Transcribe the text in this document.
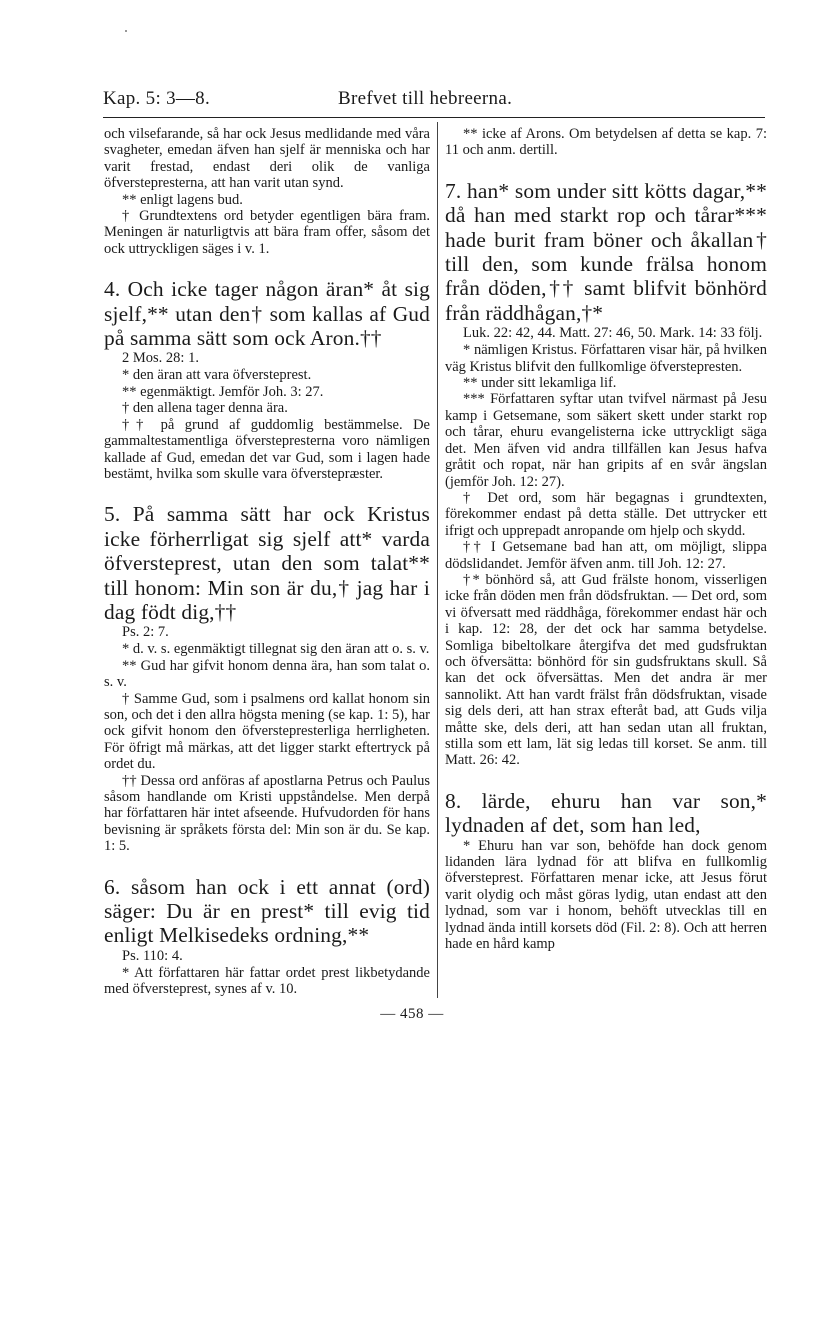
Kap. 5: 3—8.	Brefvet till hebreerna.

och vilsefarande, så har ock Jesus medlidande med våra svagheter, emedan äfven han sjelf är menniska och har varit frestad, endast deri olik de vanliga öfverstepresterna, att han varit utan synd.

** enligt lagens bud.

† Grundtextens ord betyder egentligen bära fram. Meningen är naturligtvis att bära fram offer, såsom det ock uttryckligen säges i v. 1.

4. Och icke tager någon äran* åt sig sjelf,** utan den† som kallas af Gud på samma sätt som ock Aron.††

2 Mos. 28: 1.

* den äran att vara öfversteprest.

** egenmäktigt. Jemför Joh. 3: 27.

† den allena tager denna ära.

†† på grund af guddomlig bestämmelse. De gammaltestamentliga öfverstepresterna voro nämligen kallade af Gud, emedan det var Gud, som i lagen hade bestämt, hvilka som skulle vara öfverstepræster.

5. På samma sätt har ock Kristus icke förherrligat sig sjelf att* varda öfversteprest, utan den som talat** till honom: Min son är du,† jag har i dag födt dig,††

Ps. 2: 7.

* d. v. s. egenmäktigt tillegnat sig den äran att o. s. v.

** Gud har gifvit honom denna ära, han som talat o. s. v.

† Samme Gud, som i psalmens ord kallat honom sin son, och det i den allra högsta mening (se kap. 1: 5), har ock gifvit honom den öfverstepresterliga herrligheten. För öfrigt må märkas, att det ligger starkt eftertryck på ordet du.

†† Dessa ord anföras af apostlarna Petrus och Paulus såsom handlande om Kristi uppståndelse. Men derpå har författaren här intet afseende. Hufvudorden för hans bevisning är språkets första del: Min son är du. Se kap. 1: 5.

6. såsom han ock i ett annat (ord) säger: Du är en prest* till evig tid enligt Melkisedeks ordning,**

Ps. 110: 4.

* Att författaren här fattar ordet prest likbetydande med öfversteprest, synes af v. 10.

** icke af Arons. Om betydelsen af detta se kap. 7: 11 och anm. dertill.

7. han* som under sitt kötts dagar,** då han med starkt rop och tårar*** hade burit fram böner och åkallan† till den, som kunde frälsa honom från döden,†† samt blifvit bönhörd från räddhågan,†*

Luk. 22: 42, 44. Matt. 27: 46, 50. Mark. 14: 33 följ.

* nämligen Kristus. Författaren visar här, på hvilken väg Kristus blifvit den fullkomlige öfverstepresten.

** under sitt lekamliga lif.

*** Författaren syftar utan tvifvel närmast på Jesu kamp i Getsemane, som säkert skett under starkt rop och tårar, ehuru evangelisterna icke uttryckligt säga det. Men äfven vid andra tillfällen kan Jesus hafva gråtit och ropat, när han gripits af en svår ängslan (jemför Joh. 12: 27).

† Det ord, som här begagnas i grundtexten, förekommer endast på detta ställe. Det uttrycker ett ifrigt och upprepadt anropande om hjelp och skydd.

†† I Getsemane bad han att, om möjligt, slippa dödslidandet. Jemför äfven anm. till Joh. 12: 27.

†* bönhörd så, att Gud frälste honom, visserligen icke från döden men från dödsfruktan. — Det ord, som vi öfversatt med räddhåga, förekommer endast här och i kap. 12: 28, der det ock har samma betydelse. Somliga bibeltolkare återgifva det med gudsfruktan och öfversätta: bönhörd för sin gudsfruktans skull. Så kan det ock öfversättas. Men det andra är mer sannolikt. Att han vardt frälst från dödsfruktan, visade sig dels deri, att han strax efteråt bad, att Guds vilja måtte ske, dels deri, att han sedan utan all fruktan, stilla som ett lam, lät sig ledas till korset. Se anm. till Matt. 26: 42.

8. lärde, ehuru han var son,* lydnaden af det, som han led,

* Ehuru han var son, behöfde han dock genom lidanden lära lydnad för att blifva en fullkomlig öfversteprest. Författaren menar icke, att Jesus förut varit olydig och måst göras lydig, utan endast att den lydnad, som var i honom, behöft utvecklas till en lydnad ända intill korsets död (Fil. 2: 8). Och att herren hade en hård kamp

— 458 —
